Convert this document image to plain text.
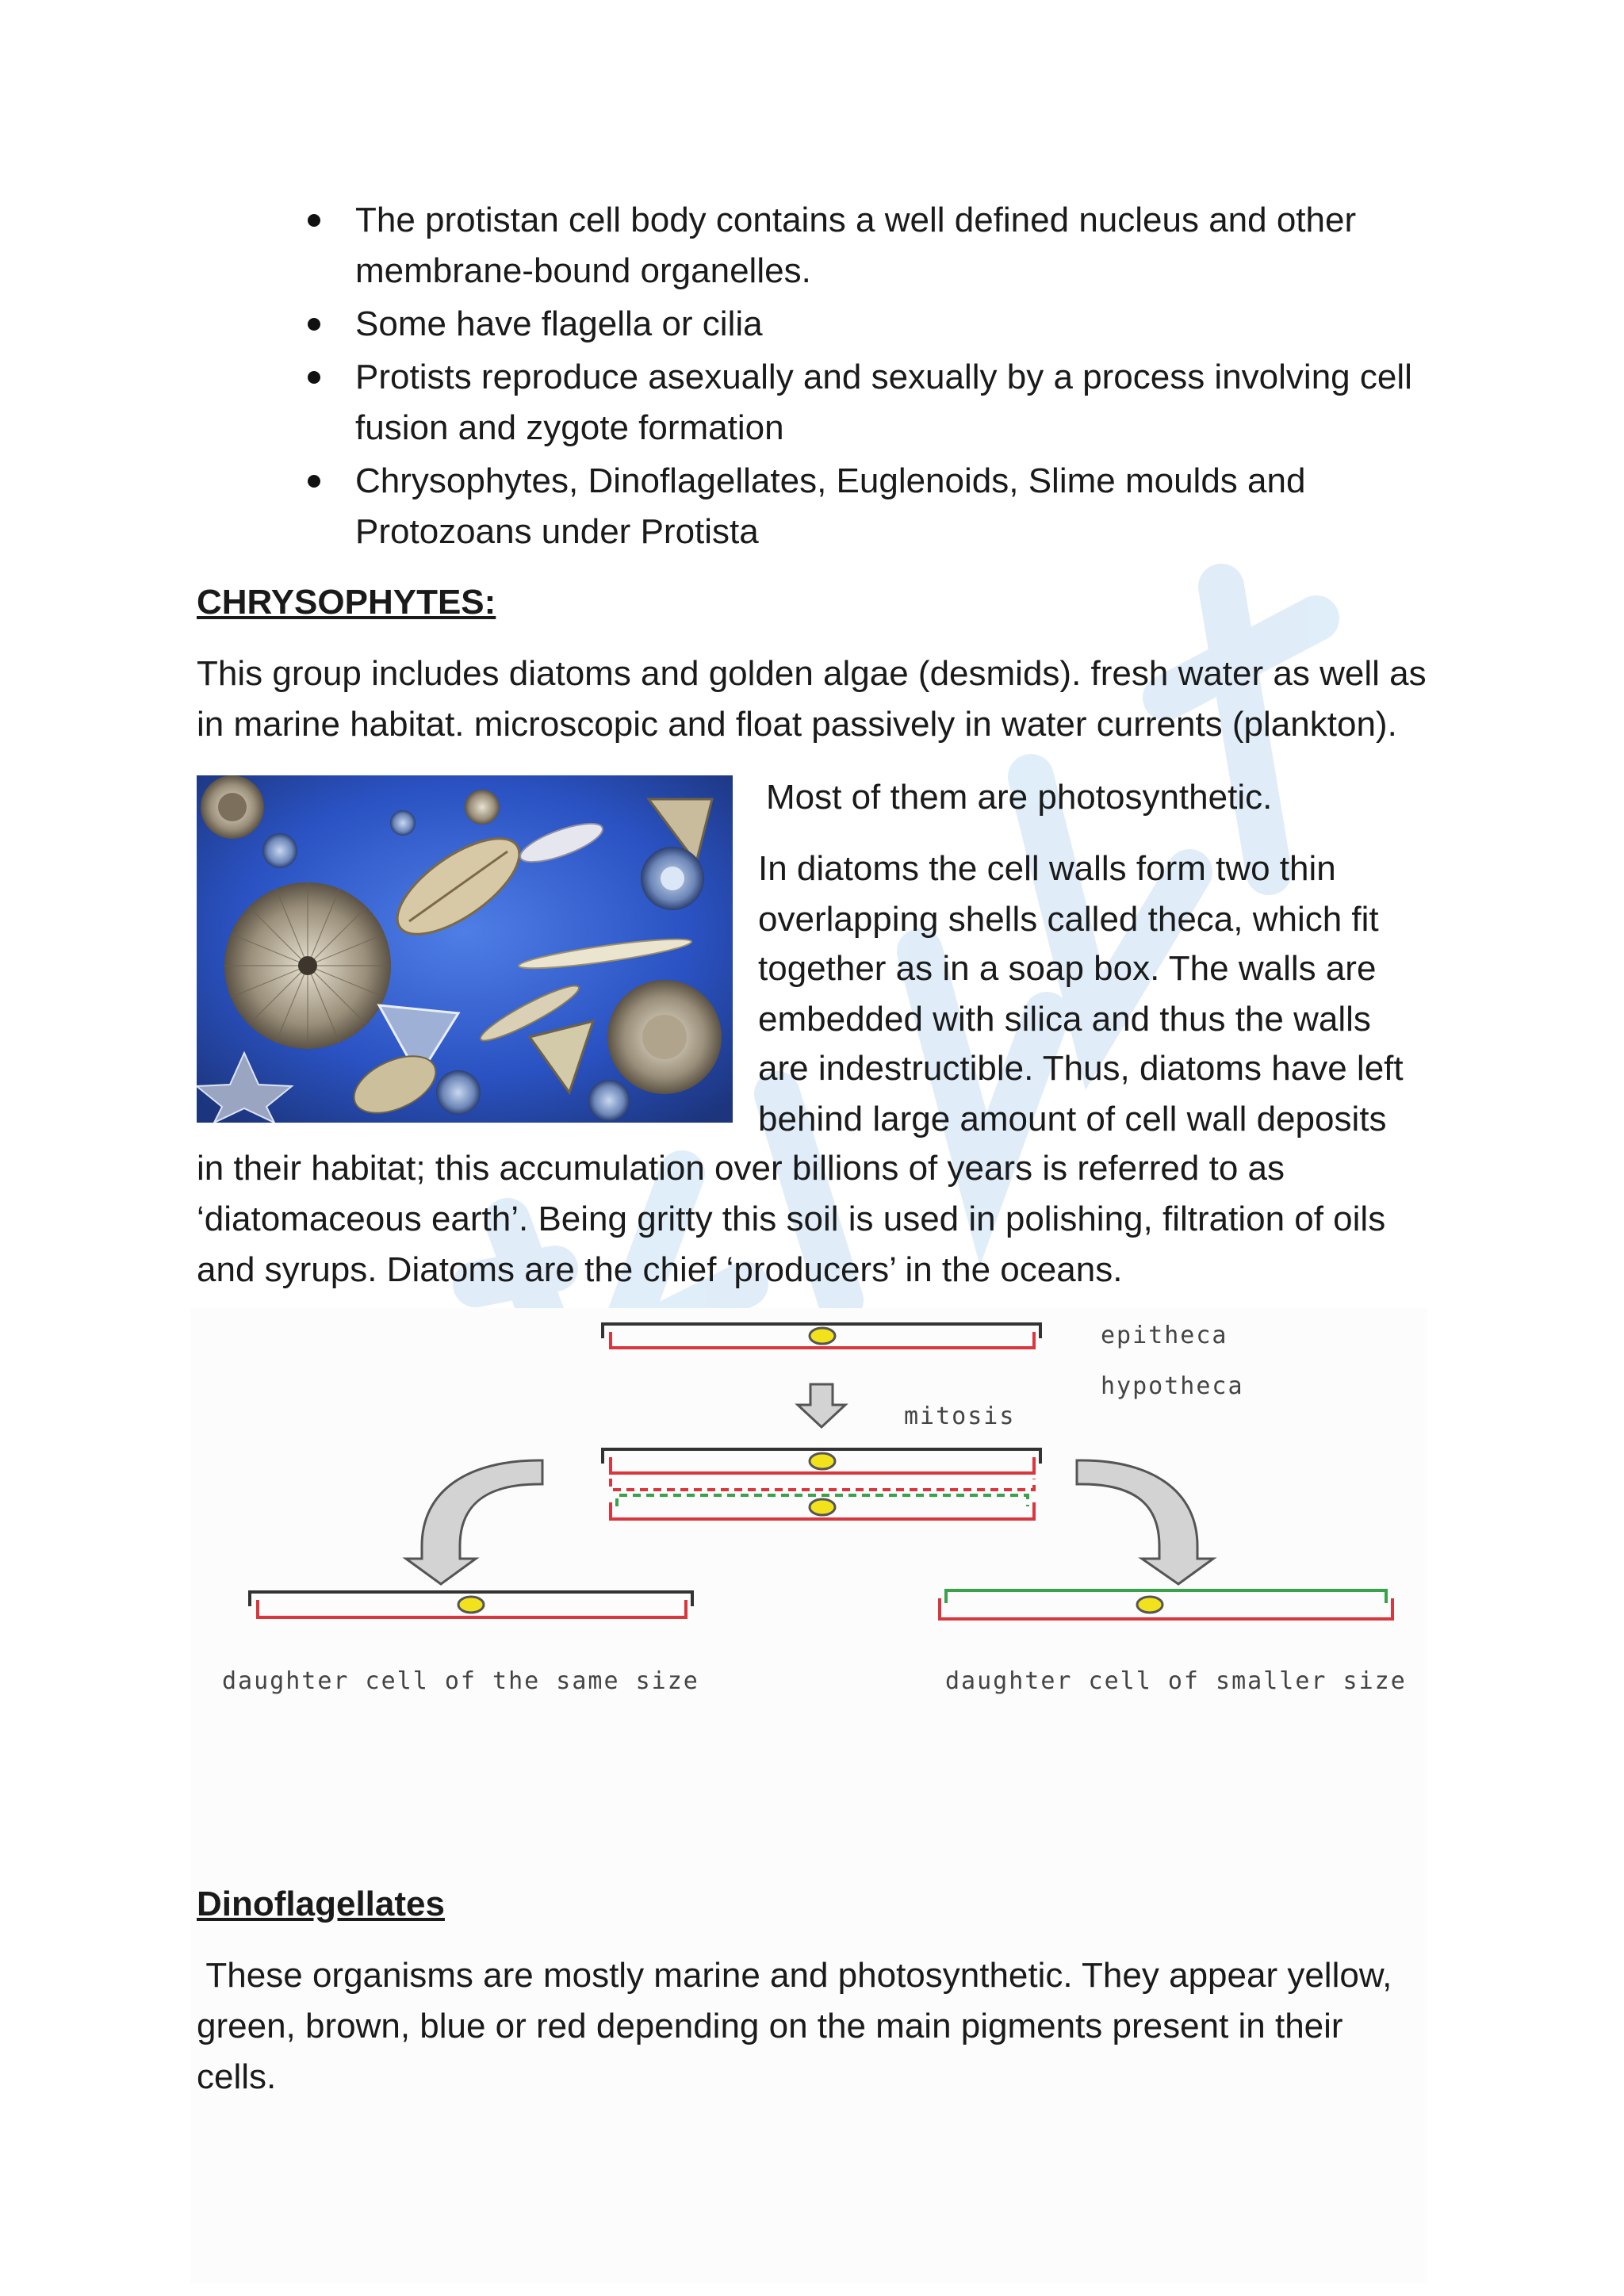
The protistan cell body contains a well defined nucleus and other membrane-bound organelles.
Some have flagella or cilia
Protists reproduce asexually and sexually by a process involving cell fusion and zygote formation
Chrysophytes, Dinoflagellates, Euglenoids, Slime moulds and Protozoans under Protista
CHRYSOPHYTES:
This group includes diatoms and golden algae (desmids). fresh water as well as in marine habitat. microscopic and float passively in water currents (plankton).
Most of them are photosynthetic.
In diatoms the cell walls form two thin
overlapping shells called theca, which fit
together as in a soap box. The walls are
embedded with silica and thus the walls
are indestructible. Thus, diatoms have left
behind large amount of cell wall deposits
in their habitat; this accumulation over billions of years is referred to as
‘diatomaceous earth’. Being gritty this soil is used in polishing, filtration of oils
and syrups. Diatoms are the chief ‘producers’ in the oceans.
epitheca
hypotheca
mitosis
daughter cell of the same size	daughter cell of smaller size
Dinoflagellates
These organisms are mostly marine and photosynthetic. They appear yellow,
green, brown, blue or red depending on the main pigments present in their
cells.
